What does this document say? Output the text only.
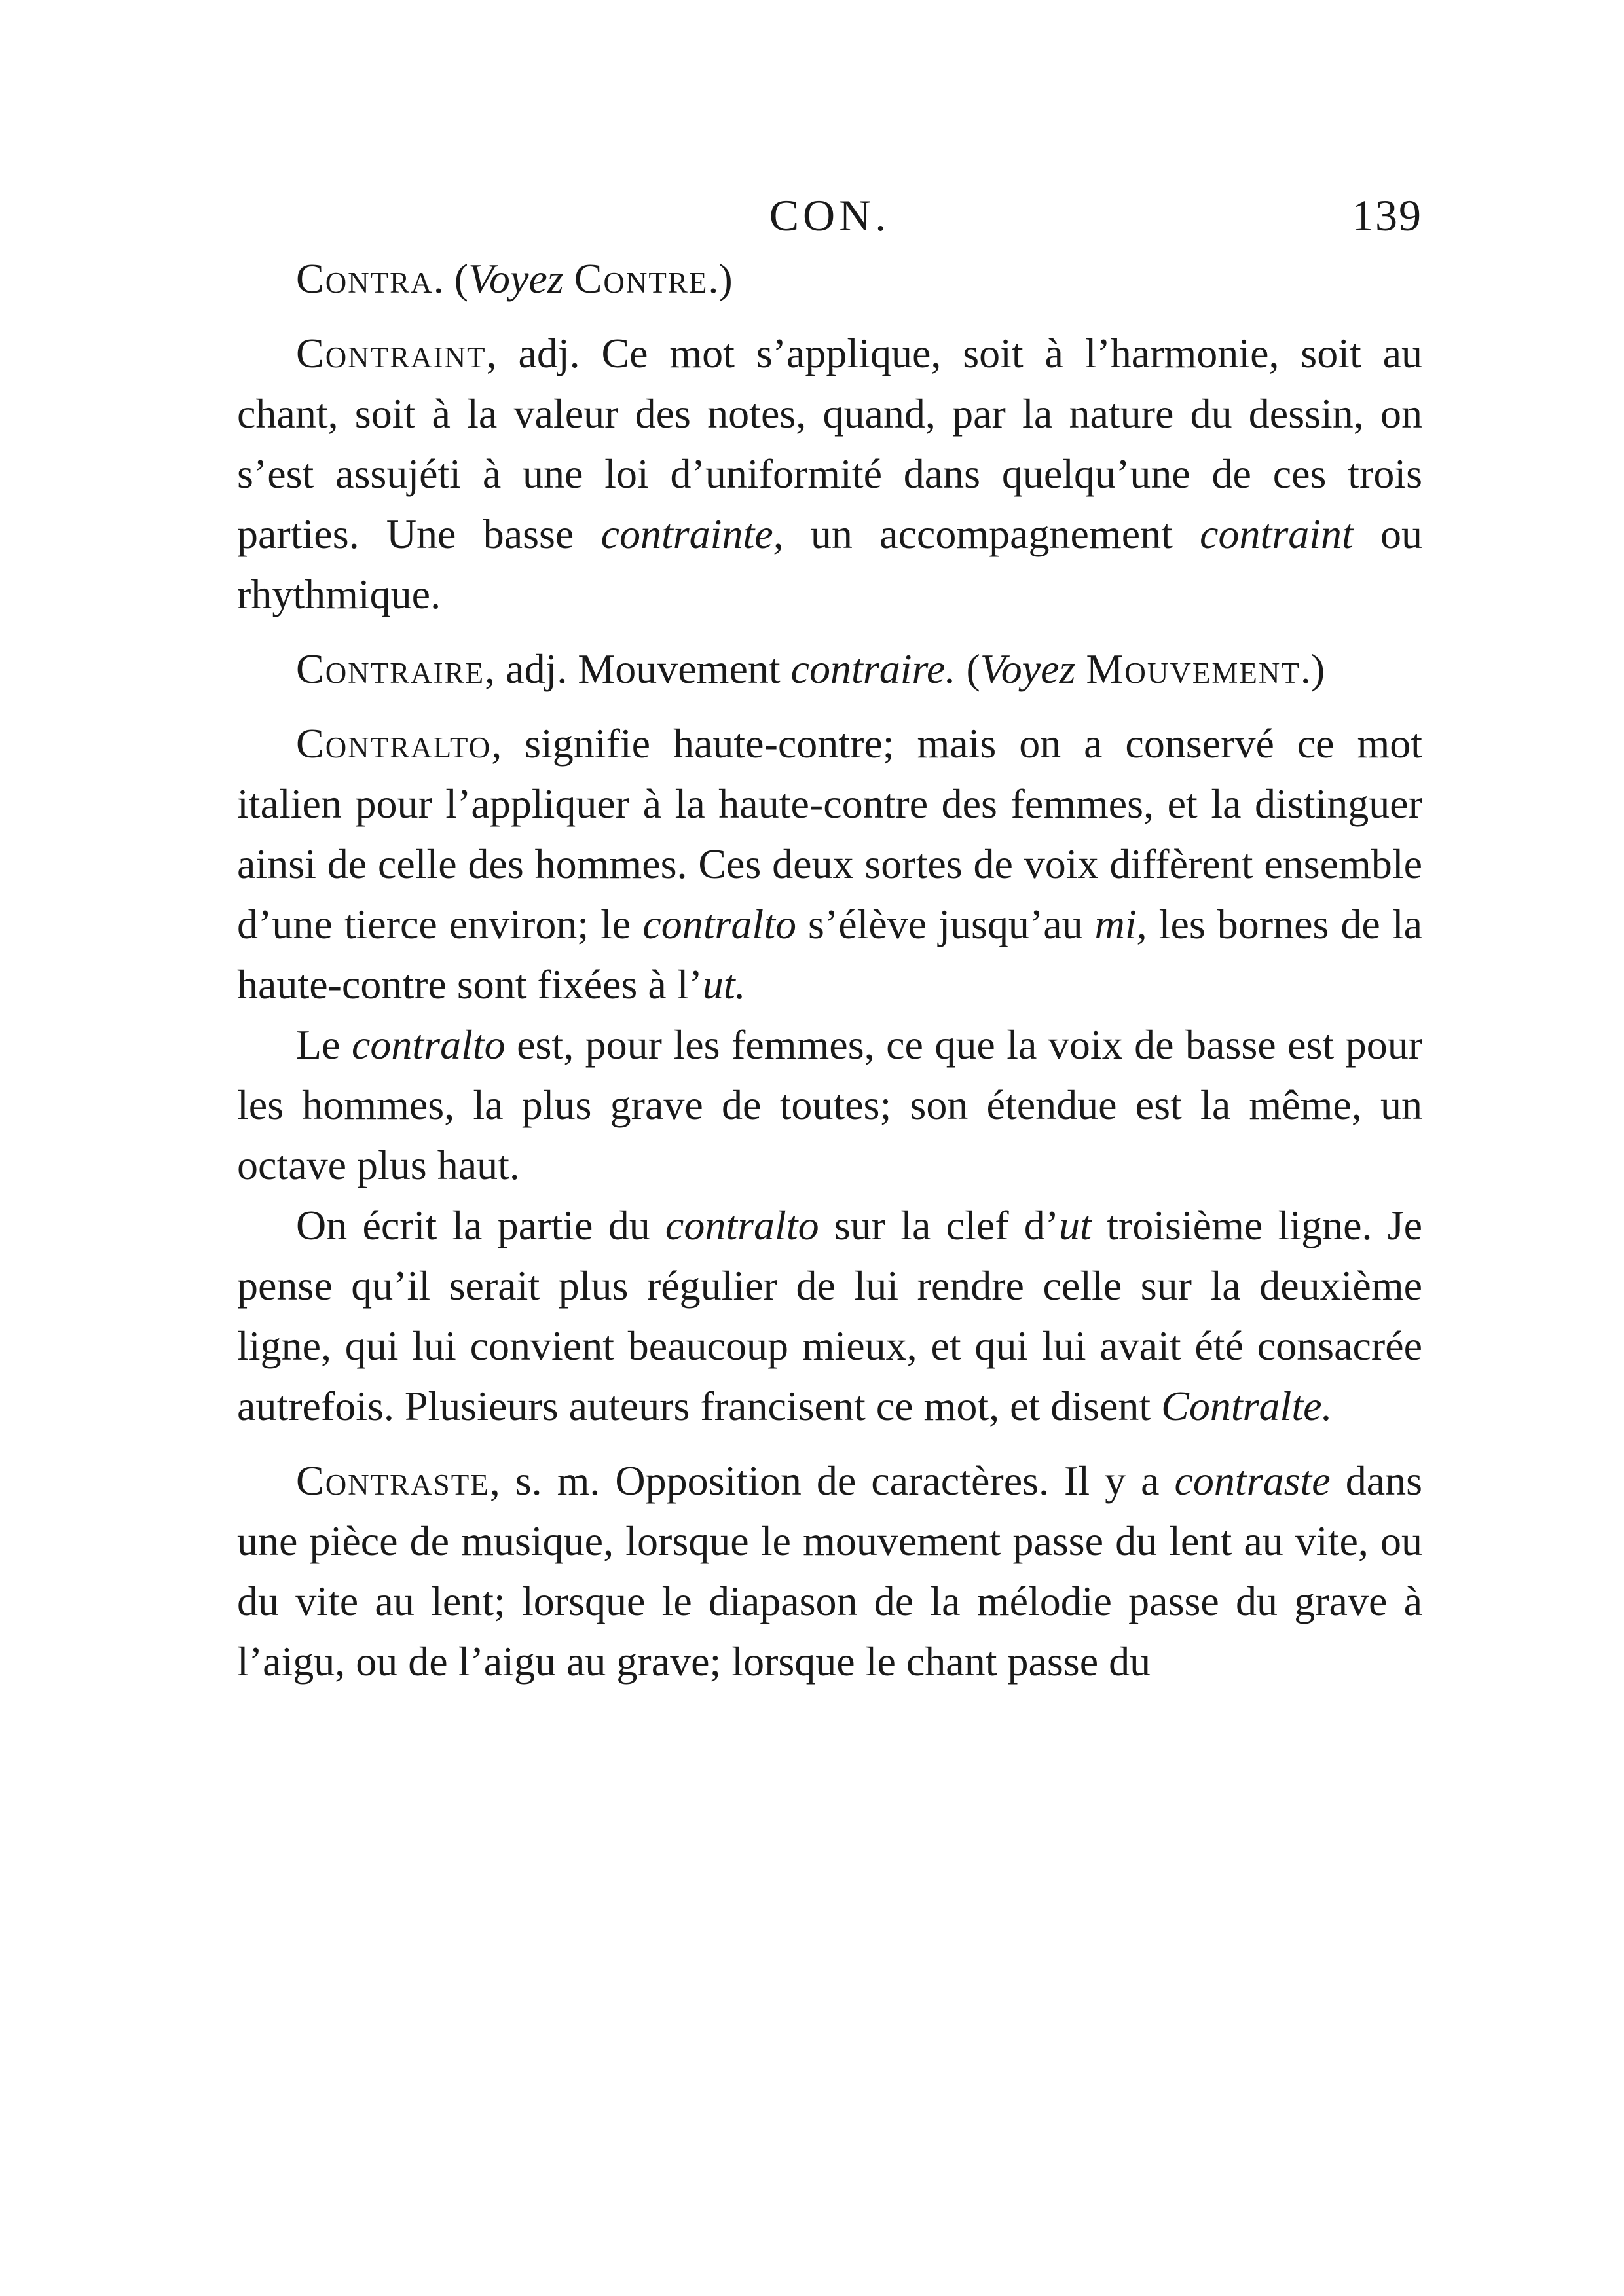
CON.	139

Contra. (Voyez Contre.)

Contraint, adj. Ce mot s’applique, soit à l’harmonie, soit au chant, soit à la valeur des notes, quand, par la nature du dessin, on s’est assujéti à une loi d’uniformité dans quelqu’une de ces trois parties. Une basse contrainte, un accompagnement contraint ou rhythmique.

Contraire, adj. Mouvement contraire. (Voyez Mouvement.)

Contralto, signifie haute-contre; mais on a conservé ce mot italien pour l’appliquer à la haute-contre des femmes, et la distinguer ainsi de celle des hommes. Ces deux sortes de voix diffèrent ensemble d’une tierce environ; le contralto s’élève jusqu’au mi, les bornes de la haute-contre sont fixées à l’ut.

Le contralto est, pour les femmes, ce que la voix de basse est pour les hommes, la plus grave de toutes; son étendue est la même, un octave plus haut.

On écrit la partie du contralto sur la clef d’ut troisième ligne. Je pense qu’il serait plus régulier de lui rendre celle sur la deuxième ligne, qui lui convient beaucoup mieux, et qui lui avait été consacrée autrefois. Plusieurs auteurs francisent ce mot, et disent Contralte.

Contraste, s. m. Opposition de caractères. Il y a contraste dans une pièce de musique, lorsque le mouvement passe du lent au vite, ou du vite au lent; lorsque le diapason de la mélodie passe du grave à l’aigu, ou de l’aigu au grave; lorsque le chant passe du
